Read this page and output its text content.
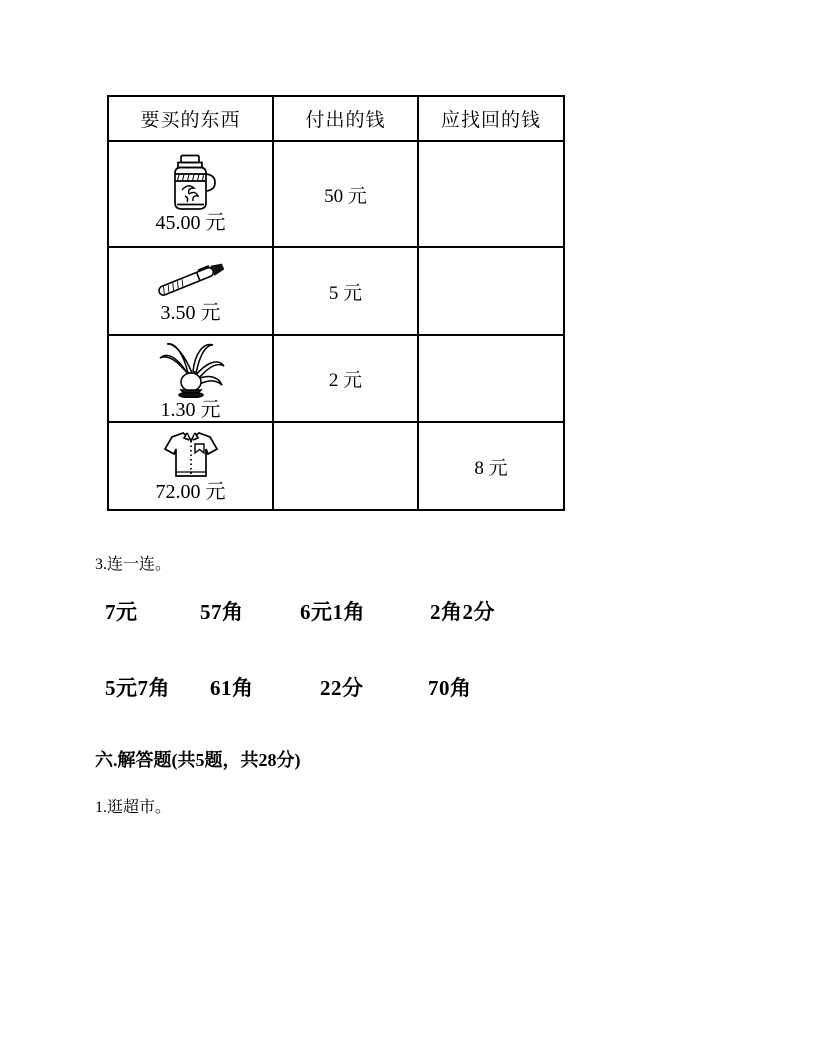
要买的东西	付出的钱	应找回的钱

45.00 元	50 元	

3.50 元	5 元	

1.30 元	2 元	

72.00 元		8 元
3.连一连。
7元	57角	6元1角	2角2分
5元7角 61角	22分	70角
六.解答题(共5题，共28分)
1.逛超市。
